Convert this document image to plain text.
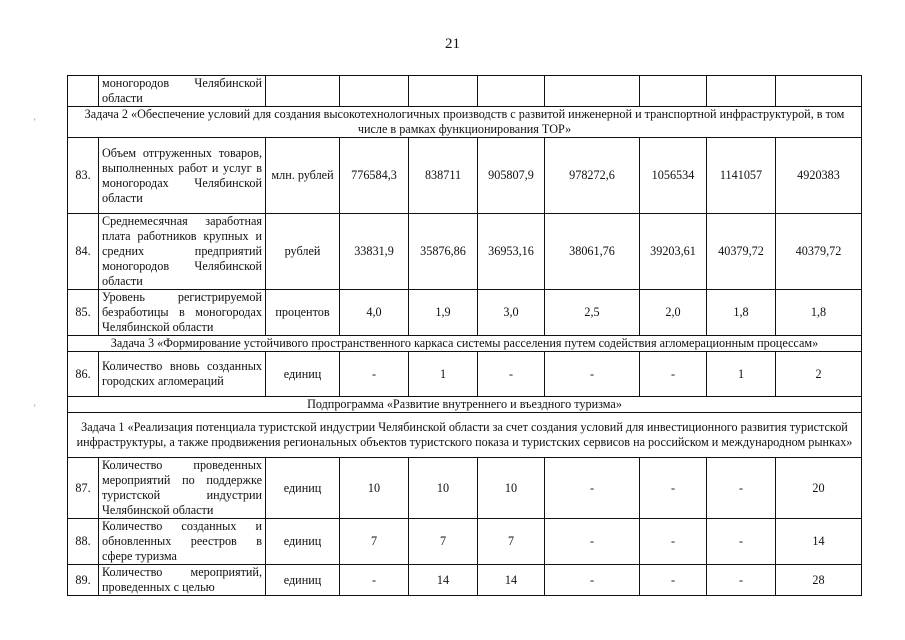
21
'
'
	моногородов Челябинской области								
Задача 2 «Обеспечение условий для создания высокотехнологичных производств с развитой инженерной и транспортной инфраструктурой, в том числе в рамках функционирования ТОР»									
83.	Объем отгруженных товаров, выполненных работ и услуг в моногородах Челябинской области	млн. рублей	776584,3	838711	905807,9	978272,6	1056534	1141057	4920383
84.	Среднемесячная заработная плата работников крупных и средних предприятий моногородов Челябинской области	рублей	33831,9	35876,86	36953,16	38061,76	39203,61	40379,72	40379,72
85.	Уровень регистрируемой безработицы в моногородах Челябинской области	процентов	4,0	1,9	3,0	2,5	2,0	1,8	1,8
Задача 3 «Формирование устойчивого пространственного каркаса системы расселения путем содействия агломерационным процессам»									
86.	Количество вновь созданных городских агломераций	единиц	-	1	-	-	-	1	2
Подпрограмма «Развитие внутреннего и въездного туризма»									
Задача 1 «Реализация потенциала туристской индустрии Челябинской области за счет создания условий для инвестиционного развития туристской инфраструктуры, а также продвижения региональных объектов туристского показа и туристских сервисов на российском и международном рынках»									
87.	Количество проведенных мероприятий по поддержке туристской индустрии Челябинской области	единиц	10	10	10	-	-	-	20
88.	Количество созданных и обновленных реестров в сфере туризма	единиц	7	7	7	-	-	-	14
89.	Количество мероприятий, проведенных с целью	единиц	-	14	14	-	-	-	28
